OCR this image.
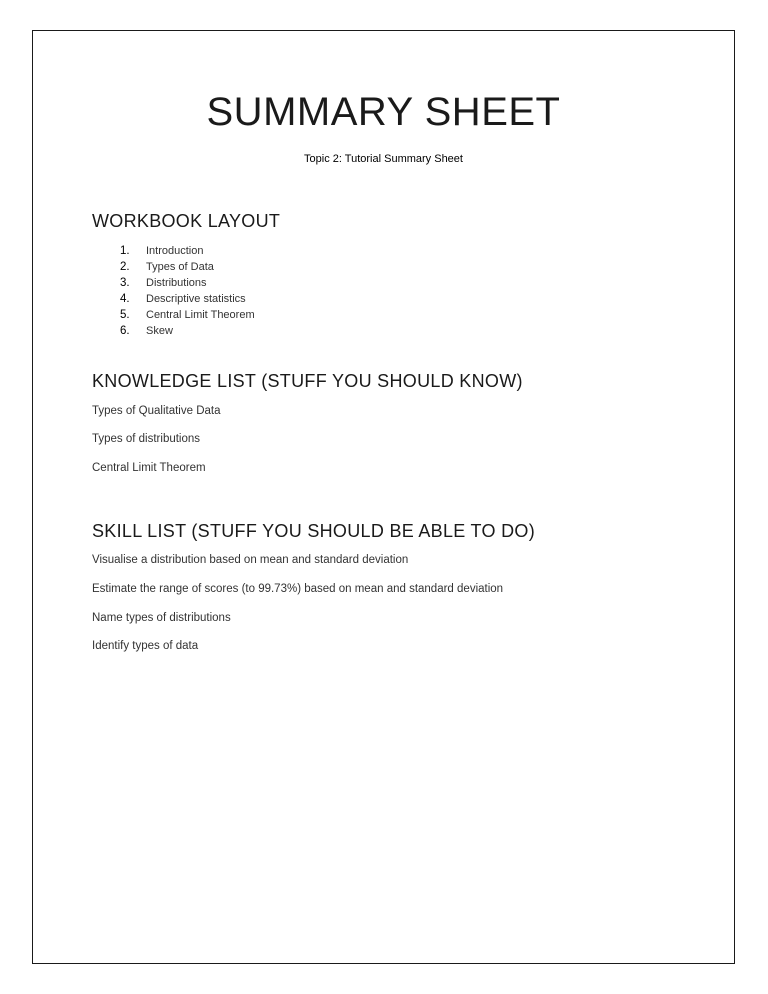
SUMMARY SHEET

Topic 2: Tutorial Summary Sheet

WORKBOOK LAYOUT
1.	Introduction
2.	Types of Data
3.	Distributions
4.	Descriptive statistics
5.	Central Limit Theorem
6.	Skew
KNOWLEDGE LIST (STUFF YOU SHOULD KNOW)

Types of Qualitative Data

Types of distributions

Central Limit Theorem

SKILL LIST (STUFF YOU SHOULD BE ABLE TO DO)

Visualise a distribution based on mean and standard deviation

Estimate the range of scores (to 99.73%) based on mean and standard deviation

Name types of distributions

Identify types of data
